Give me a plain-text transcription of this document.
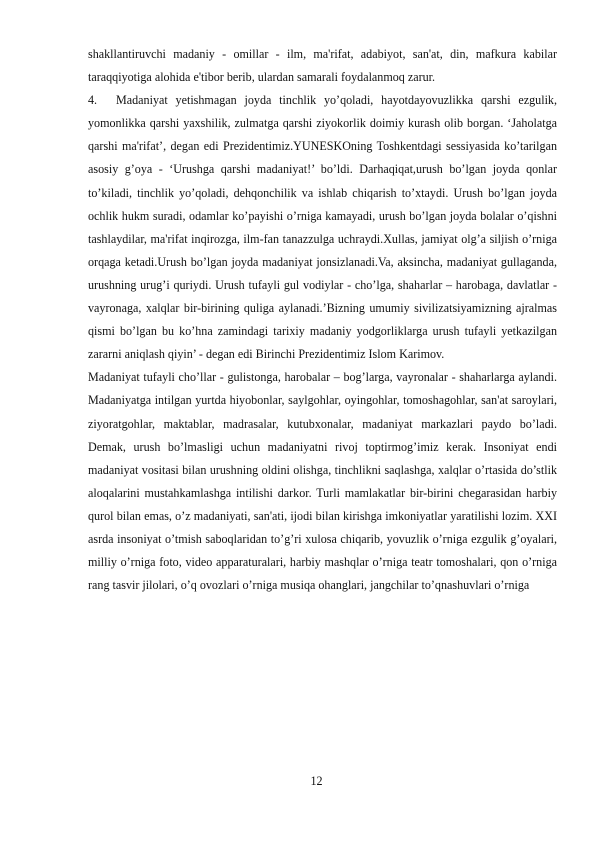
shakllantiruvchi madaniy - omillar - ilm, ma'rifat, adabiyot, san'at, din, mafkura kabilar taraqqiyotiga alohida e'tibor berib, ulardan samarali foydalanmoq zarur.

4. Madaniyat yetishmagan joyda tinchlik yo’qoladi, hayotdayovuzlikka qarshi ezgulik, yomonlikka qarshi yaxshilik, zulmatga qarshi ziyokorlik doimiy kurash olib borgan. ‘Jaholatga qarshi ma'rifat’, degan edi Prezidentimiz.YUNESKOning Toshkentdagi sessiyasida ko’tarilgan asosiy g’oya - ‘Urushga qarshi madaniyat!’ bo’ldi. Darhaqiqat,urush bo’lgan joyda qonlar to’kiladi, tinchlik yo’qoladi, dehqonchilik va ishlab chiqarish to’xtaydi. Urush bo’lgan joyda ochlik hukm suradi, odamlar ko’payishi o’rniga kamayadi, urush bo’lgan joyda bolalar o’qishni tashlaydilar, ma'rifat inqirozga, ilm-fan tanazzulga uchraydi.Xullas, jamiyat olg’a siljish o’rniga orqaga ketadi.Urush bo’lgan joyda madaniyat jonsizlanadi.Va, aksincha, madaniyat gullaganda, urushning urug’i quriydi. Urush tufayli gul vodiylar - cho’lga, shaharlar – harobaga, davlatlar - vayronaga, xalqlar bir-birining quliga aylanadi.’Bizning umumiy sivilizatsiyamizning ajralmas qismi bo’lgan bu ko’hna zamindagi tarixiy madaniy yodgorliklarga urush tufayli yetkazilgan zararni aniqlash qiyin’ - degan edi Birinchi Prezidentimiz Islom Karimov.

Madaniyat tufayli cho’llar - gulistonga, harobalar – bog’larga, vayronalar - shaharlarga aylandi. Madaniyatga intilgan yurtda hiyobonlar, saylgohlar, oyingohlar, tomoshagohlar, san'at saroylari, ziyoratgohlar, maktablar, madrasalar, kutubxonalar, madaniyat markazlari paydo bo’ladi. Demak, urush bo’lmasligi uchun madaniyatni rivoj toptirmog’imiz kerak. Insoniyat endi madaniyat vositasi bilan urushning oldini olishga, tinchlikni saqlashga, xalqlar o’rtasida do’stlik aloqalarini mustahkamlashga intilishi darkor. Turli mamlakatlar bir-birini chegarasidan harbiy qurol bilan emas, o’z madaniyati, san'ati, ijodi bilan kirishga imkoniyatlar yaratilishi lozim. XXI asrda insoniyat o’tmish saboqlaridan to’g’ri xulosa chiqarib, yovuzlik o’rniga ezgulik g’oyalari, milliy o’rniga foto, video apparaturalari, harbiy mashqlar o’rniga teatr tomoshalari, qon o’rniga rang tasvir jilolari, o’q ovozlari o’rniga musiqa ohanglari, jangchilar to’qnashuvlari o’rniga

12
